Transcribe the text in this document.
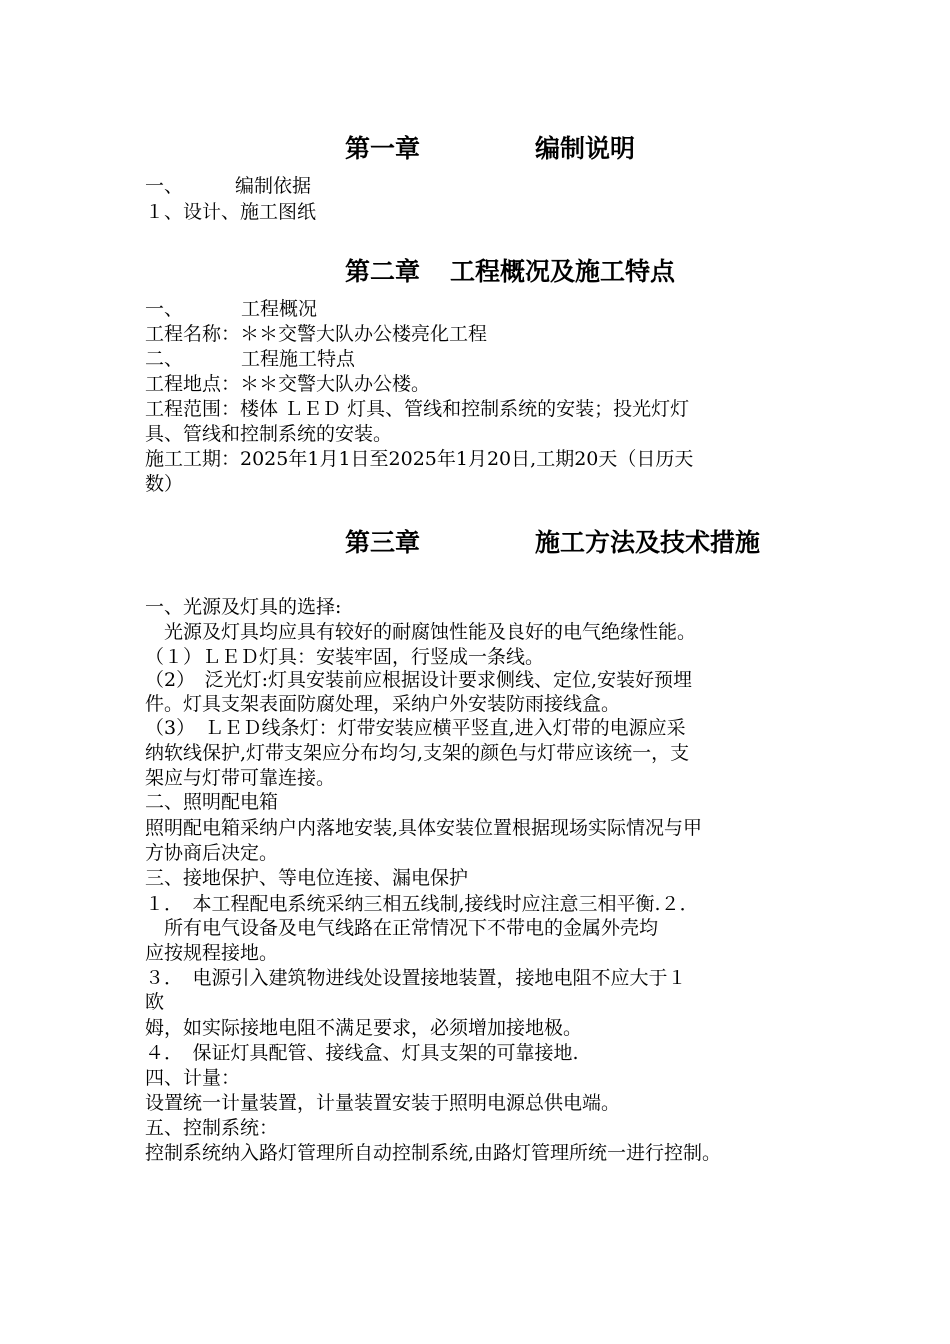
第一章	编制说明
一、	编制依据
１、设计、施工图纸
第二章 工程概况及施工特点
一、	工程概况
工程名称：＊＊交警大队办公楼亮化工程
二、	工程施工特点
工程地点：＊＊交警大队办公楼。
工程范围：楼体 ＬＥＤ 灯具、管线和控制系统的安装；投光灯灯
具、管线和控制系统的安装。
施工工期：2025年1月1日至2025年1月20日,工期20天（日历天
数）
第三章	施工方法及技术措施
一、光源及灯具的选择:
　光源及灯具均应具有较好的耐腐蚀性能及良好的电气绝缘性能。
（１）ＬＥＤ灯具：安装牢固，行竖成一条线。
（2）　泛光灯:灯具安装前应根据设计要求侧线、定位,安装好预埋
件。灯具支架表面防腐处理，采纳户外安装防雨接线盒。
（3）　ＬＥＤ线条灯：灯带安装应横平竖直,进入灯带的电源应采
纳软线保护,灯带支架应分布均匀,支架的颜色与灯带应该统一，支
架应与灯带可靠连接。
二、照明配电箱
照明配电箱采纳户内落地安装,具体安装位置根据现场实际情况与甲
方协商后决定。
三、接地保护、等电位连接、漏电保护
１．　本工程配电系统采纳三相五线制,接线时应注意三相平衡.２．
　所有电气设备及电气线路在正常情况下不带电的金属外壳均
应按规程接地。
３．　电源引入建筑物进线处设置接地装置，接地电阻不应大于１
欧
姆，如实际接地电阻不满足要求，必须增加接地极。
４．　保证灯具配管、接线盒、灯具支架的可靠接地.
四、计量：
设置统一计量装置，计量装置安装于照明电源总供电端。
五、控制系统：
控制系统纳入路灯管理所自动控制系统,由路灯管理所统一进行控制。
